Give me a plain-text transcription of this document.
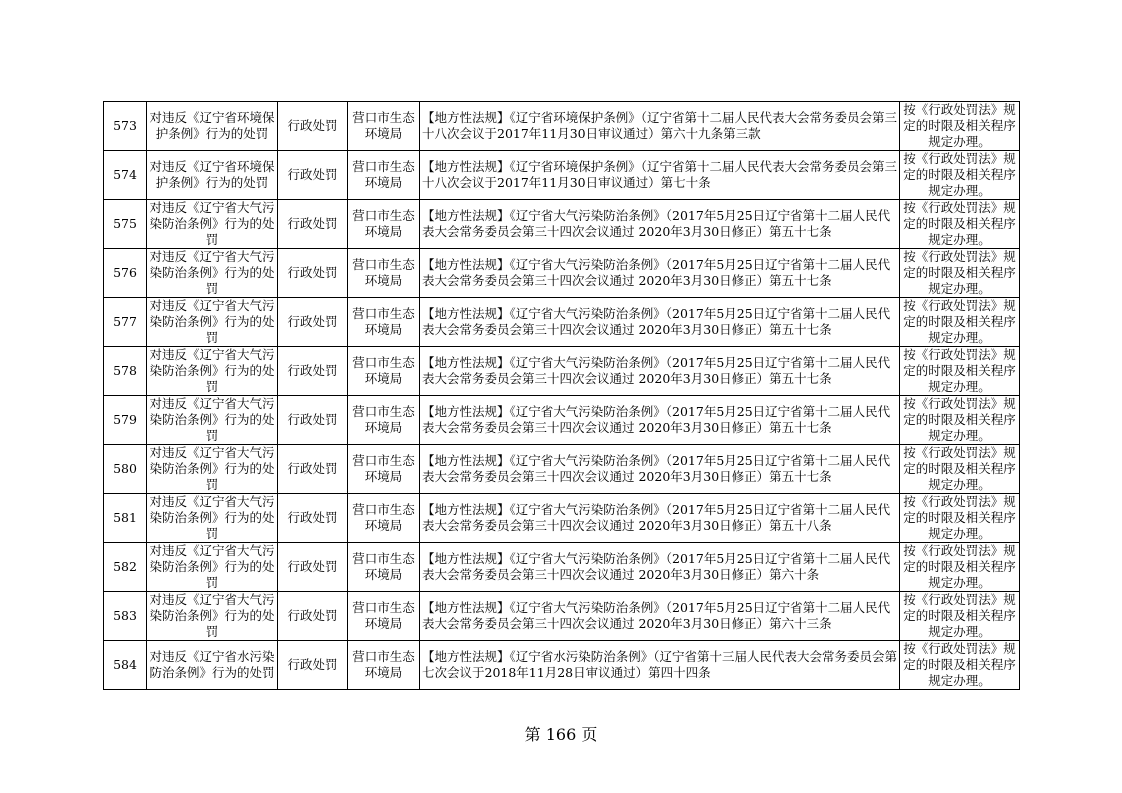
573	对违反《辽宁省环境保护条例》行为的处罚	行政处罚	营口市生态环境局	【地方性法规】《辽宁省环境保护条例》（辽宁省第十二届人民代表大会常务委员会第三十八次会议于2017年11月30日审议通过）第六十九条第三款	按《行政处罚法》规定的时限及相关程序规定办理。
574	对违反《辽宁省环境保护条例》行为的处罚	行政处罚	营口市生态环境局	【地方性法规】《辽宁省环境保护条例》（辽宁省第十二届人民代表大会常务委员会第三十八次会议于2017年11月30日审议通过）第七十条	按《行政处罚法》规定的时限及相关程序规定办理。
575	对违反《辽宁省大气污染防治条例》行为的处罚	行政处罚	营口市生态环境局	【地方性法规】《辽宁省大气污染防治条例》（2017年5月25日辽宁省第十二届人民代表大会常务委员会第三十四次会议通过 2020年3月30日修正）第五十七条	按《行政处罚法》规定的时限及相关程序规定办理。
576	对违反《辽宁省大气污染防治条例》行为的处罚	行政处罚	营口市生态环境局	【地方性法规】《辽宁省大气污染防治条例》（2017年5月25日辽宁省第十二届人民代表大会常务委员会第三十四次会议通过 2020年3月30日修正）第五十七条	按《行政处罚法》规定的时限及相关程序规定办理。
577	对违反《辽宁省大气污染防治条例》行为的处罚	行政处罚	营口市生态环境局	【地方性法规】《辽宁省大气污染防治条例》（2017年5月25日辽宁省第十二届人民代表大会常务委员会第三十四次会议通过 2020年3月30日修正）第五十七条	按《行政处罚法》规定的时限及相关程序规定办理。
578	对违反《辽宁省大气污染防治条例》行为的处罚	行政处罚	营口市生态环境局	【地方性法规】《辽宁省大气污染防治条例》（2017年5月25日辽宁省第十二届人民代表大会常务委员会第三十四次会议通过 2020年3月30日修正）第五十七条	按《行政处罚法》规定的时限及相关程序规定办理。
579	对违反《辽宁省大气污染防治条例》行为的处罚	行政处罚	营口市生态环境局	【地方性法规】《辽宁省大气污染防治条例》（2017年5月25日辽宁省第十二届人民代表大会常务委员会第三十四次会议通过 2020年3月30日修正）第五十七条	按《行政处罚法》规定的时限及相关程序规定办理。
580	对违反《辽宁省大气污染防治条例》行为的处罚	行政处罚	营口市生态环境局	【地方性法规】《辽宁省大气污染防治条例》（2017年5月25日辽宁省第十二届人民代表大会常务委员会第三十四次会议通过 2020年3月30日修正）第五十七条	按《行政处罚法》规定的时限及相关程序规定办理。
581	对违反《辽宁省大气污染防治条例》行为的处罚	行政处罚	营口市生态环境局	【地方性法规】《辽宁省大气污染防治条例》（2017年5月25日辽宁省第十二届人民代表大会常务委员会第三十四次会议通过 2020年3月30日修正）第五十八条	按《行政处罚法》规定的时限及相关程序规定办理。
582	对违反《辽宁省大气污染防治条例》行为的处罚	行政处罚	营口市生态环境局	【地方性法规】《辽宁省大气污染防治条例》（2017年5月25日辽宁省第十二届人民代表大会常务委员会第三十四次会议通过 2020年3月30日修正）第六十条	按《行政处罚法》规定的时限及相关程序规定办理。
583	对违反《辽宁省大气污染防治条例》行为的处罚	行政处罚	营口市生态环境局	【地方性法规】《辽宁省大气污染防治条例》（2017年5月25日辽宁省第十二届人民代表大会常务委员会第三十四次会议通过 2020年3月30日修正）第六十三条	按《行政处罚法》规定的时限及相关程序规定办理。
584	对违反《辽宁省水污染防治条例》行为的处罚	行政处罚	营口市生态环境局	【地方性法规】《辽宁省水污染防治条例》（辽宁省第十三届人民代表大会常务委员会第七次会议于2018年11月28日审议通过）第四十四条	按《行政处罚法》规定的时限及相关程序规定办理。
第 166 页
